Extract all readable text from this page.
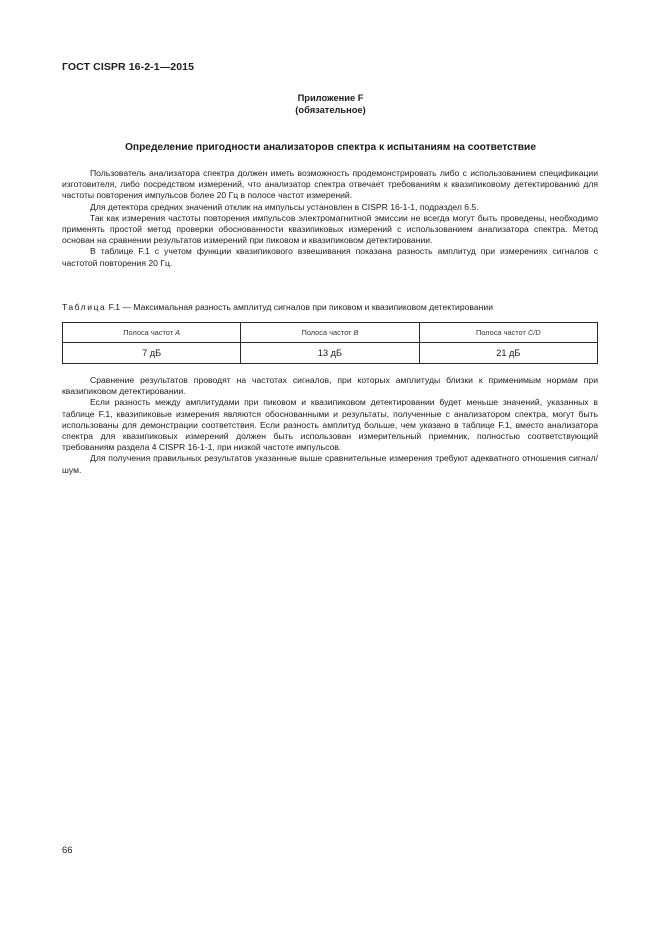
ГОСТ CISPR 16-2-1—2015
Приложение F
(обязательное)
Определение пригодности анализаторов спектра к испытаниям на соответствие

Пользователь анализатора спектра должен иметь возможность продемонстрировать либо с использованием спецификации изготовителя, либо посредством измерений, что анализатор спектра отвечает требованиям к квазипиковому детектированию для частоты повторения импульсов более 20 Гц в полосе частот измерений.

Для детектора средних значений отклик на импульсы установлен в CISPR 16-1-1, подраздел 6.5.

Так как измерения частоты повторения импульсов электромагнитной эмиссии не всегда могут быть проведены, необходимо применять простой метод проверки обоснованности квазипиковых измерений с использованием анализатора спектра. Метод основан на сравнении результатов измерений при пиковом и квазипиковом детектировании.

В таблице F.1 с учетом функции квазипикового взвешивания показана разность амплитуд при измерениях сигналов с частотой повторения 20 Гц.

Таблица F.1 — Максимальная разность амплитуд сигналов при пиковом и квазипиковом детектировании
Полоса частот A	Полоса частот B	Полоса частот C/D
7 дБ	13 дБ	21 дБ

Сравнение результатов проводят на частотах сигналов, при которых амплитуды близки к применимым нормам при квазипиковом детектировании.

Если разность между амплитудами при пиковом и квазипиковом детектировании будет меньше значений, указанных в таблице F.1, квазипиковые измерения являются обоснованными и результаты, полученные с анализатором спектра, могут быть использованы для демонстрации соответствия. Если разность амплитуд больше, чем указано в таблице F.1, вместо анализатора спектра для квазипиковых измерений должен быть использован измерительный приемник, полностью соответствующий требованиям раздела 4 CISPR 16-1-1, при низкой частоте импульсов.

Для получения правильных результатов указанные выше сравнительные измерения требуют адекватного отношения сигнал/шум.

66
